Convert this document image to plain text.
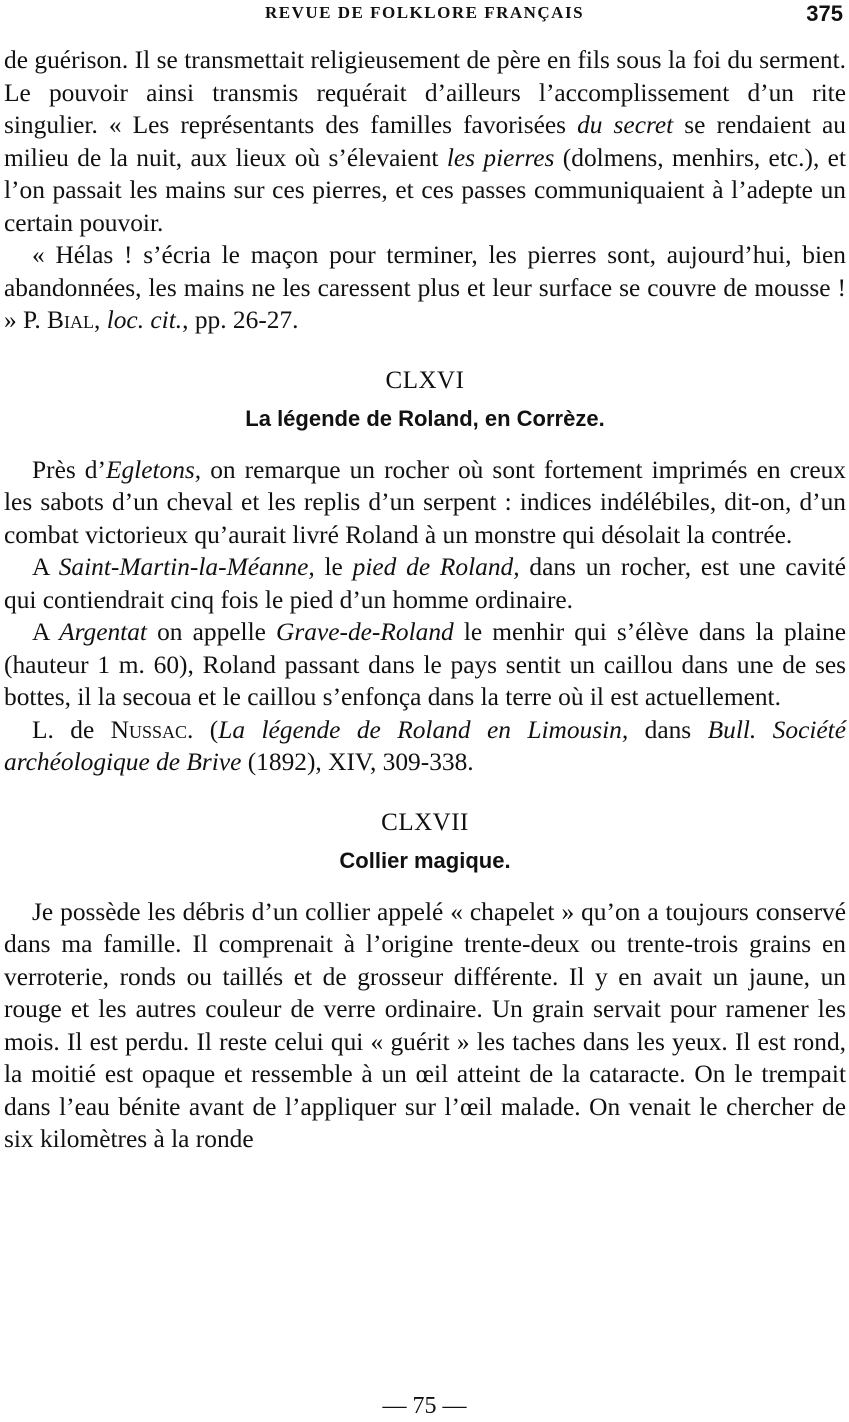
REVUE DE FOLKLORE FRANÇAIS	375

de guérison. Il se transmettait religieusement de père en fils sous la foi du serment. Le pouvoir ainsi transmis requérait d’ailleurs l’accomplissement d’un rite singulier. « Les représentants des familles favorisées du secret se rendaient au milieu de la nuit, aux lieux où s’élevaient les pierres (dolmens, menhirs, etc.), et l’on passait les mains sur ces pierres, et ces passes communiquaient à l’adepte un certain pouvoir.

« Hélas ! s’écria le maçon pour terminer, les pierres sont, aujourd’hui, bien abandonnées, les mains ne les caressent plus et leur surface se couvre de mousse ! » P. Bial, loc. cit., pp. 26-27.

CLXVI
La légende de Roland, en Corrèze.

Près d’Egletons, on remarque un rocher où sont fortement imprimés en creux les sabots d’un cheval et les replis d’un serpent : indices indélébiles, dit-on, d’un combat victorieux qu’aurait livré Roland à un monstre qui désolait la contrée.

A Saint-Martin-la-Méanne, le pied de Roland, dans un rocher, est une cavité qui contiendrait cinq fois le pied d’un homme ordinaire.

A Argentat on appelle Grave-de-Roland le menhir qui s’élève dans la plaine (hauteur 1 m. 60), Roland passant dans le pays sentit un caillou dans une de ses bottes, il la secoua et le caillou s’enfonça dans la terre où il est actuellement.

L. de Nussac. (La légende de Roland en Limousin, dans Bull. Société archéologique de Brive (1892), XIV, 309-338.

CLXVII
Collier magique.

Je possède les débris d’un collier appelé « chapelet » qu’on a toujours conservé dans ma famille. Il comprenait à l’origine trente-deux ou trente-trois grains en verroterie, ronds ou taillés et de grosseur différente. Il y en avait un jaune, un rouge et les autres couleur de verre ordinaire. Un grain servait pour ramener les mois. Il est perdu. Il reste celui qui « guérit » les taches dans les yeux. Il est rond, la moitié est opaque et ressemble à un œil atteint de la cataracte. On le trempait dans l’eau bénite avant de l’appliquer sur l’œil malade. On venait le chercher de six kilomètres à la ronde

— 75 —
